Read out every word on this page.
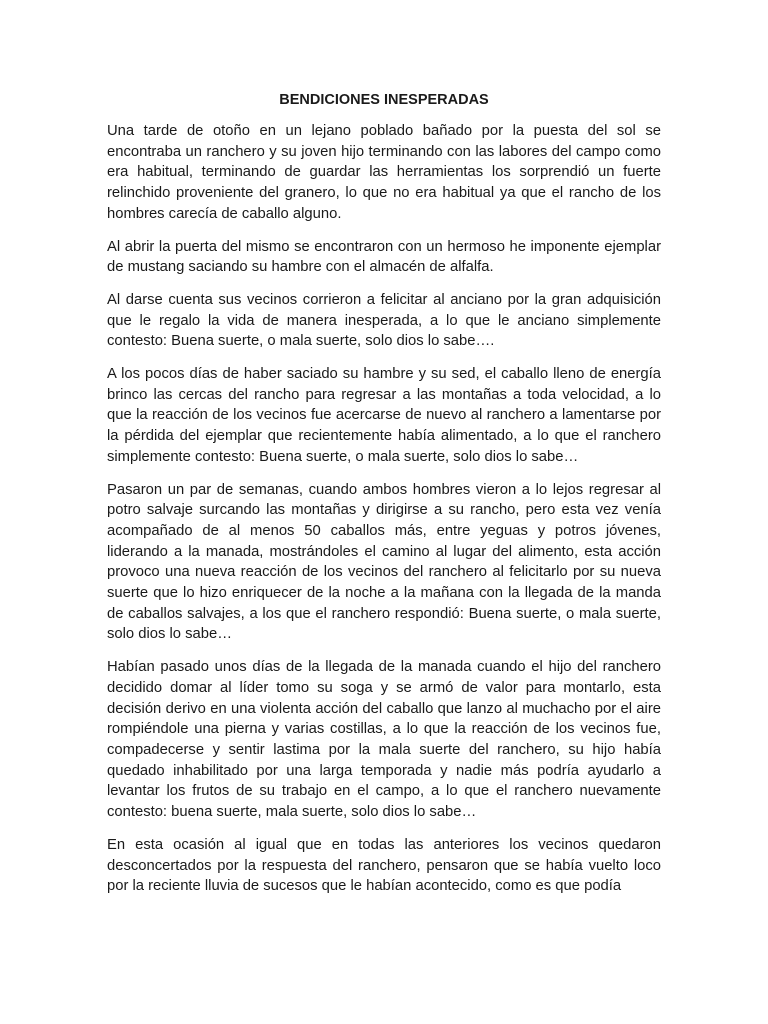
BENDICIONES INESPERADAS

Una tarde de otoño en un lejano poblado bañado por la puesta del sol se encontraba un ranchero y su joven hijo terminando con las labores del campo como era habitual, terminando de guardar las herramientas los sorprendió un fuerte relinchido proveniente del granero, lo que no era habitual ya que el rancho de los hombres carecía de caballo alguno.

Al abrir la puerta del mismo se encontraron con un hermoso he imponente ejemplar de mustang saciando su hambre con el almacén de alfalfa.

Al darse cuenta sus vecinos corrieron a felicitar al anciano por la gran adquisición que le regalo la vida de manera inesperada, a lo que le anciano simplemente contesto: Buena suerte, o mala suerte, solo dios lo sabe….

A los pocos días de haber saciado su hambre y su sed, el caballo lleno de energía brinco las cercas del rancho para regresar a las montañas a toda velocidad, a lo que la reacción de los vecinos fue acercarse de nuevo al ranchero a lamentarse por la pérdida del ejemplar que recientemente había alimentado, a lo que el ranchero simplemente contesto: Buena suerte, o mala suerte, solo dios lo sabe…

Pasaron un par de semanas, cuando ambos hombres vieron a lo lejos regresar al potro salvaje surcando las montañas y dirigirse a su rancho, pero esta vez venía acompañado de al menos 50 caballos más, entre yeguas y potros jóvenes, liderando a la manada, mostrándoles el camino al lugar del alimento, esta acción provoco una nueva reacción de los vecinos del ranchero al felicitarlo por su nueva suerte que lo hizo enriquecer de la noche a la mañana con la llegada de la manda de caballos salvajes, a los que el ranchero respondió: Buena suerte, o mala suerte, solo dios lo sabe…

Habían pasado unos días de la llegada de la manada cuando el hijo del ranchero decidido domar al líder tomo su soga y se armó de valor para montarlo, esta decisión derivo en una violenta acción del caballo que lanzo al muchacho por el aire rompiéndole una pierna y varias costillas, a lo que la reacción de los vecinos fue, compadecerse y sentir lastima por la mala suerte del ranchero, su hijo había quedado inhabilitado por una larga temporada y nadie más podría ayudarlo a levantar los frutos de su trabajo en el campo, a lo que el ranchero nuevamente contesto: buena suerte, mala suerte, solo dios lo sabe…

En esta ocasión al igual que en todas las anteriores los vecinos quedaron desconcertados por la respuesta del ranchero, pensaron que se había vuelto loco por la reciente lluvia de sucesos que le habían acontecido, como es que podía
